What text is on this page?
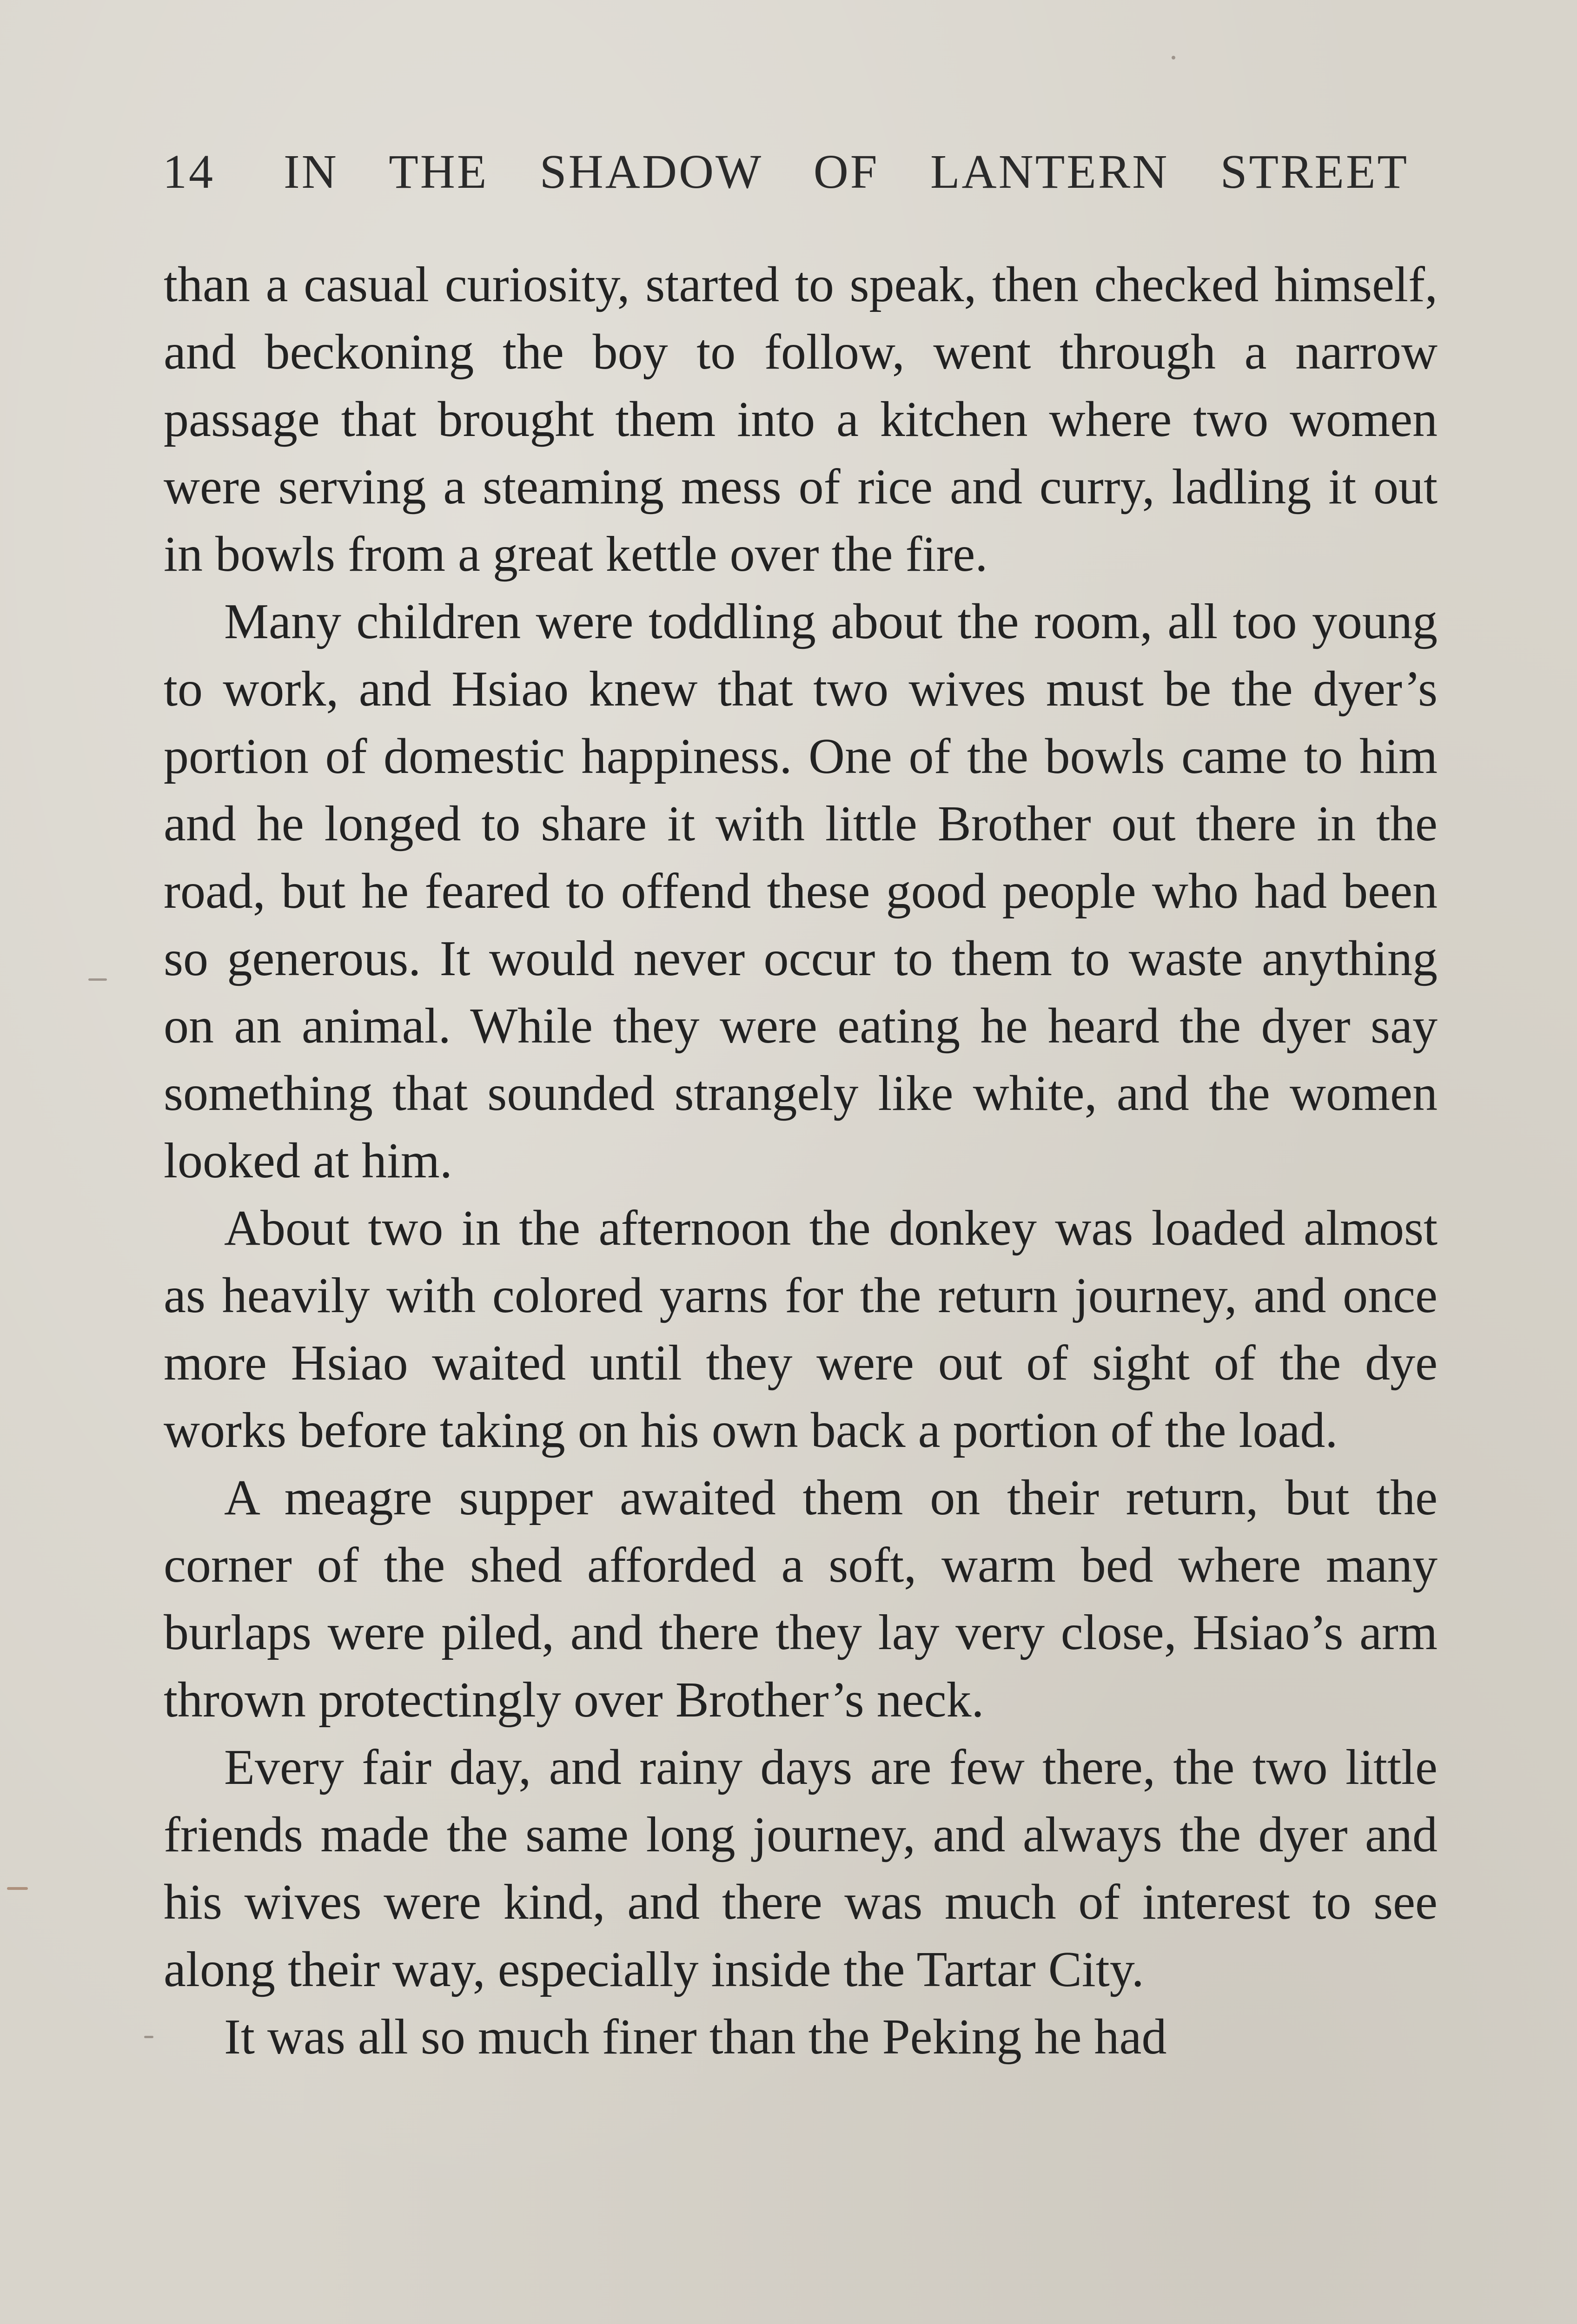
14 IN THE SHADOW OF LANTERN STREET

than a casual curiosity, started to speak, then checked himself, and beckoning the boy to follow, went through a narrow passage that brought them into a kitchen where two women were serving a steaming mess of rice and curry, ladling it out in bowls from a great kettle over the fire.

Many children were toddling about the room, all too young to work, and Hsiao knew that two wives must be the dyer’s portion of domestic happiness. One of the bowls came to him and he longed to share it with little Brother out there in the road, but he feared to offend these good people who had been so generous. It would never occur to them to waste anything on an animal. While they were eating he heard the dyer say something that sounded strangely like white, and the women looked at him.

About two in the afternoon the donkey was loaded almost as heavily with colored yarns for the return journey, and once more Hsiao waited until they were out of sight of the dye works before taking on his own back a portion of the load.

A meagre supper awaited them on their return, but the corner of the shed afforded a soft, warm bed where many burlaps were piled, and there they lay very close, Hsiao’s arm thrown protectingly over Brother’s neck.

Every fair day, and rainy days are few there, the two little friends made the same long journey, and always the dyer and his wives were kind, and there was much of interest to see along their way, especially inside the Tartar City.

It was all so much finer than the Peking he had
